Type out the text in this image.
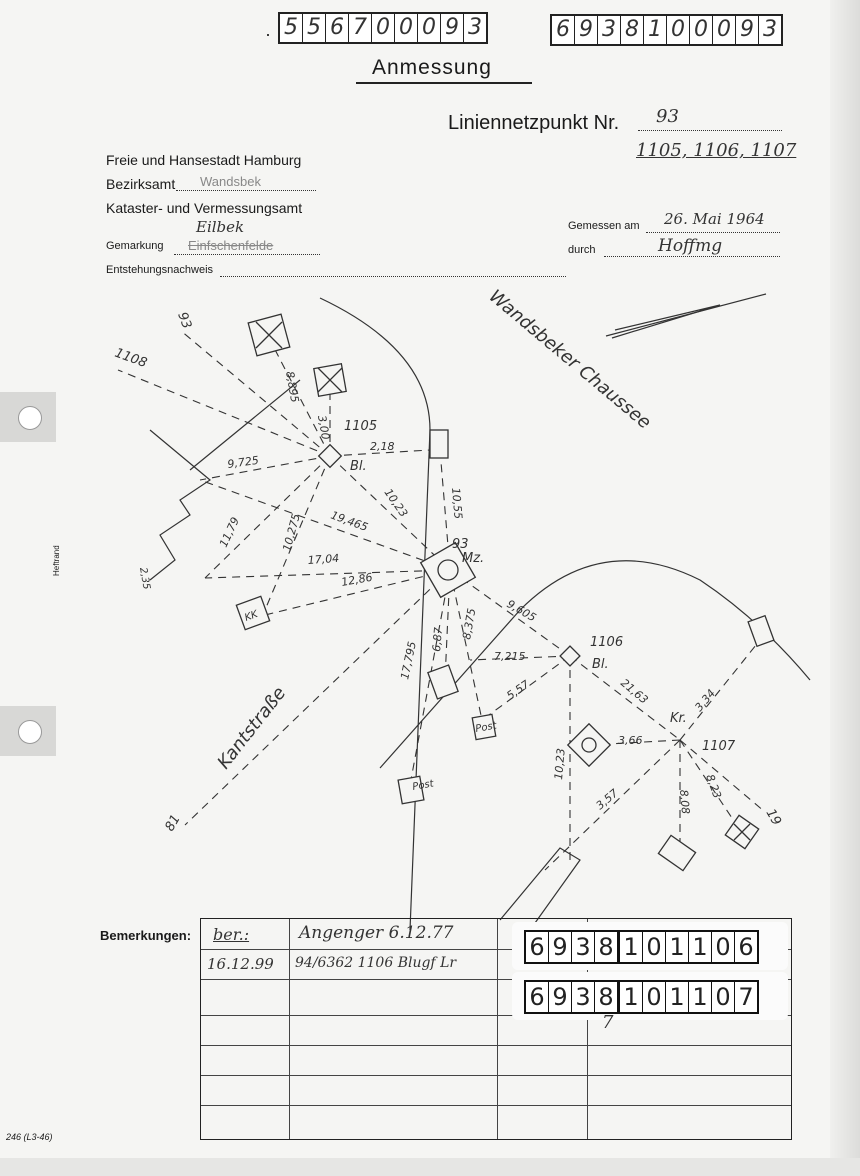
· 5 5 6 7 0 0 0 9 3	6 9 3 8 1 0 0 0 9 3
Anmessung
Liniennetzpunkt Nr. 93
1105, 1106, 1107
Freie und Hansestadt Hamburg
Bezirksamt Wandsbek
Kataster- und Vermessungsamt
Eilbek
Gemarkung Einfschenfelde
Entstehungsnachweis
Gemessen am 26. Mai 1964
durch	Hoffmg
Heftrand
Post
Post
KK
2,35
Wandsbeker Chaussee
Kantstraße
93
1108
1105
Bl.
93
Mz.
1106
Bl.
1107
Kr.
81	19
8,895
3,00
2,18
9,725
10,23	10,55
11,79	10,275 19,465
17,04
12,86
9,605
17,795
6,87 8,375
7,215
5,57	21,63	3,34
3,66
10,23
3,57	8,08
8,23
Bemerkungen: ber.:	Angenger 6.12.77
16.12.99 94/6362 1106 Blugf Lr
6 9 3 8 1 0 1 1 0 6
6 9 3 8 1 0 1 1 0 7
7
246 (L3-46)
